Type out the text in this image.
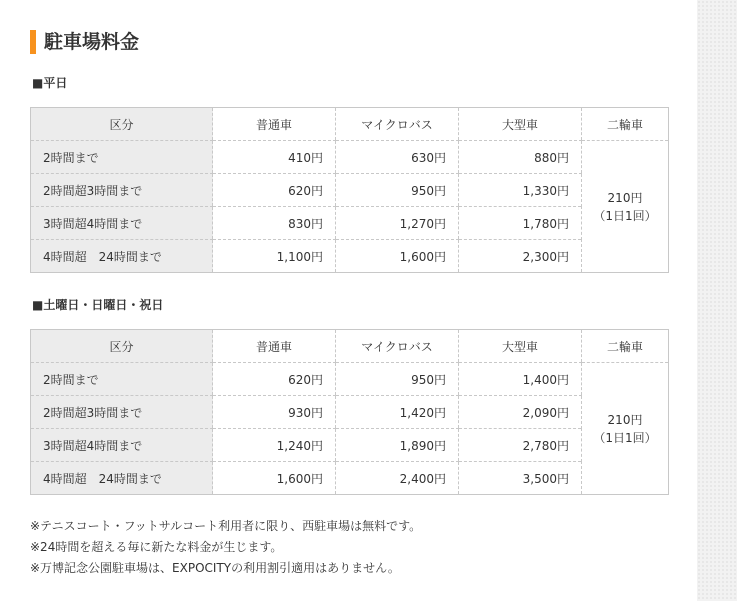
駐車場料金
■平日
区分	普通車	マイクロバス	大型車	二輪車
2時間まで	410円	630円	880円	210円
（1日1回）

2時間超3時間まで	620円	950円	1,330円	
3時間超4時間まで	830円	1,270円	1,780円	
4時間超　24時間まで	1,100円	1,600円	2,300円	
■土曜日・日曜日・祝日
区分	普通車	マイクロバス	大型車	二輪車
2時間まで	620円	950円	1,400円	210円
（1日1回）

2時間超3時間まで	930円	1,420円	2,090円	
3時間超4時間まで	1,240円	1,890円	2,780円	
4時間超　24時間まで	1,600円	2,400円	3,500円	
※テニスコート・フットサルコート利用者に限り、西駐車場は無料です。
※24時間を超える毎に新たな料金が生じます。
※万博記念公園駐車場は、EXPOCITYの利用割引適用はありません。
